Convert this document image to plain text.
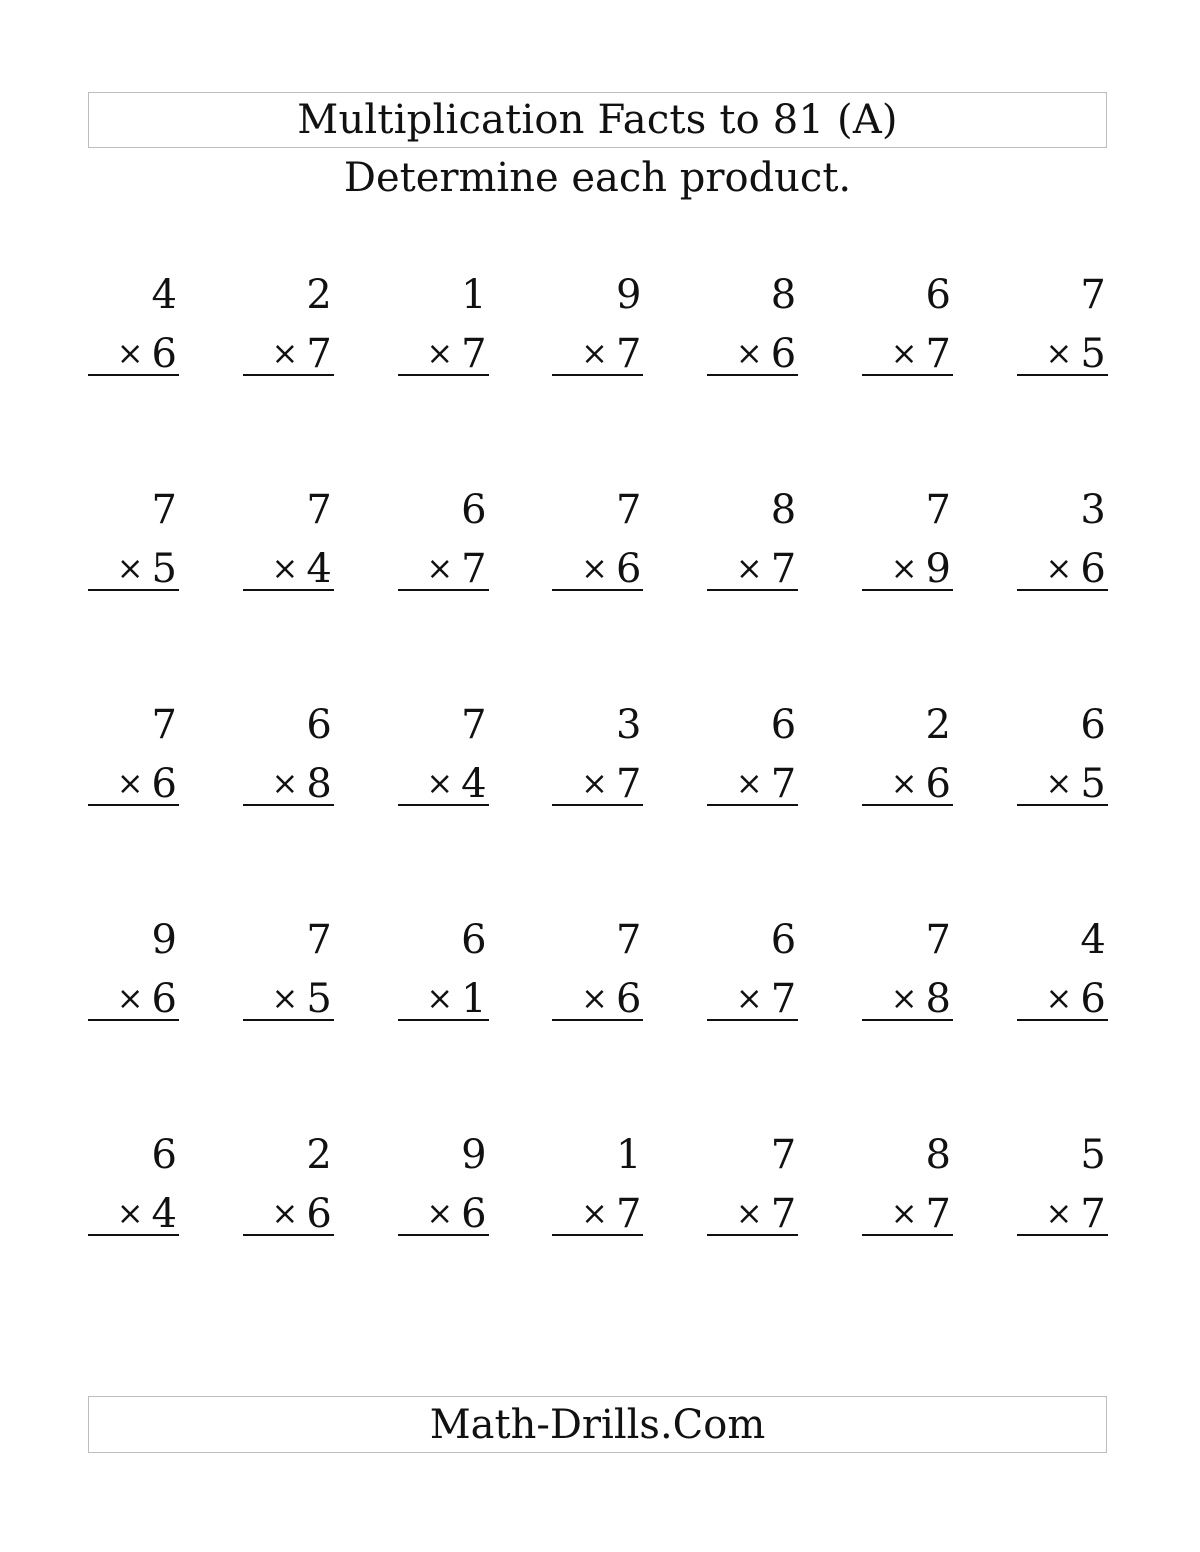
Multiplication Facts to 81 (A)
Determine each product.
4
× 6
2
× 7
1
× 7
9
× 7
8
× 6
6
× 7
7
× 5
7
× 5
7
× 4
6
× 7
7
× 6
8
× 7
7
× 9
3
× 6
7
× 6
6
× 8
7
× 4
3
× 7
6
× 7
2
× 6
6
× 5
9
× 6
7
× 5
6
× 1
7
× 6
6
× 7
7
× 8
4
× 6
6
× 4
2
× 6
9
× 6
1
× 7
7
× 7
8
× 7
5
× 7
Math-Drills.Com
